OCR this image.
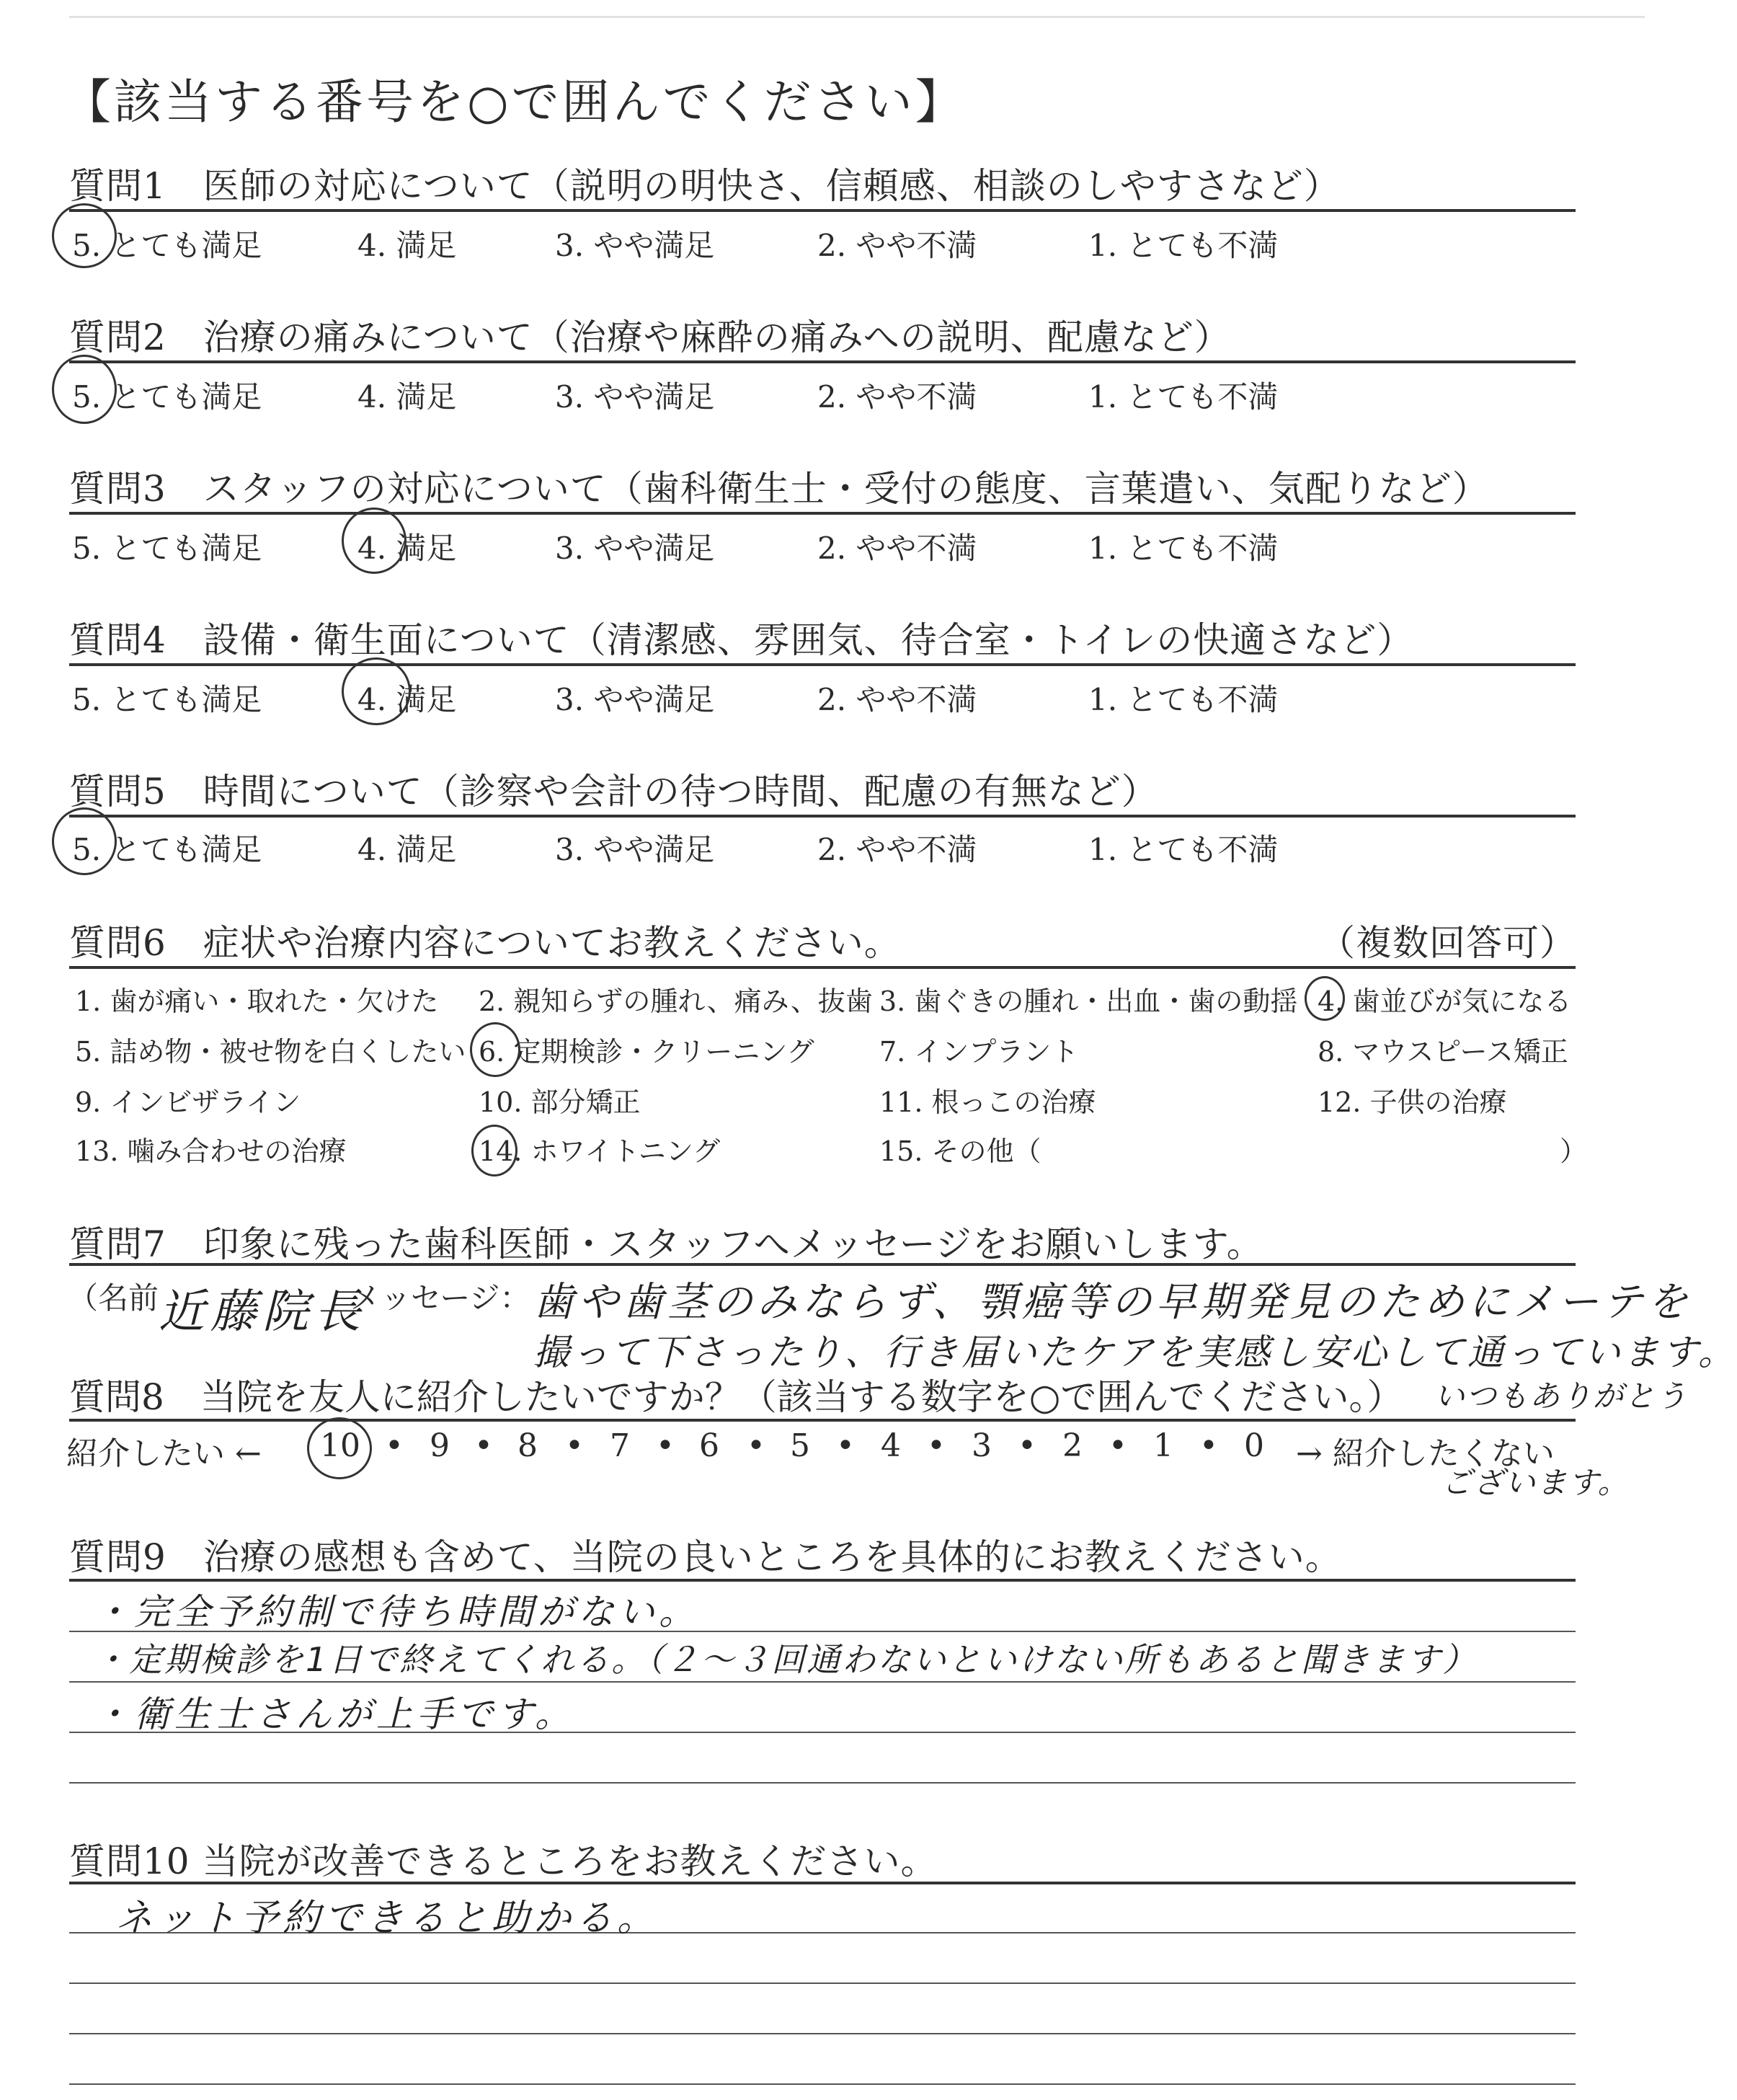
【該当する番号を○で囲んでください】
質問1　医師の対応について（説明の明快さ、信頼感、相談のしやすさなど）
5. とても満足	4. 満足	3. やや満足	2. やや不満	1. とても不満
質問2　治療の痛みについて（治療や麻酔の痛みへの説明、配慮など）
5. とても満足	4. 満足	3. やや満足	2. やや不満	1. とても不満
質問3　スタッフの対応について（歯科衛生士・受付の態度、言葉遣い、気配りなど）
5. とても満足	4. 満足	3. やや満足	2. やや不満	1. とても不満
質問4　設備・衛生面について（清潔感、雰囲気、待合室・トイレの快適さなど）
5. とても満足	4. 満足	3. やや満足	2. やや不満	1. とても不満
質問5　時間について（診察や会計の待つ時間、配慮の有無など）
5. とても満足	4. 満足	3. やや満足	2. やや不満	1. とても不満
質問6　症状や治療内容についてお教えください。	（複数回答可）
1. 歯が痛い・取れた・欠けた 2. 親知らずの腫れ、痛み、抜歯 3. 歯ぐきの腫れ・出血・歯の動揺 4. 歯並びが気になる
5. 詰め物・被せ物を白くしたい 6. 定期検診・クリーニング 7. インプラント	8. マウスピース矯正
9. インビザライン	10. 部分矯正	11. 根っこの治療	12. 子供の治療
13. 噛み合わせの治療	14. ホワイトニング	15. その他（	）
質問7　印象に残った歯科医師・スタッフへメッセージをお願いします。
（名前 近藤院長
メッセージ： 歯や歯茎のみならず、顎癌等の早期発見のためにメーテを
撮って下さったり、行き届いたケアを実感し安心して通っています。
いつもありがとう
ございます。
質問8　当院を友人に紹介したいですか？（該当する数字を○で囲んでください。）
紹介したい ← 10 9 8 7 6 5 4 3 2 1 0
• • • • • • • • • • → 紹介したくない
質問9　治療の感想も含めて、当院の良いところを具体的にお教えください。
・完全予約制で待ち時間がない。
・定期検診を1日で終えてくれる。（２～３回通わないといけない所もあると聞きます）
・衛生士さんが上手です。
質問10 当院が改善できるところをお教えください。
ネット予約できると助かる。
